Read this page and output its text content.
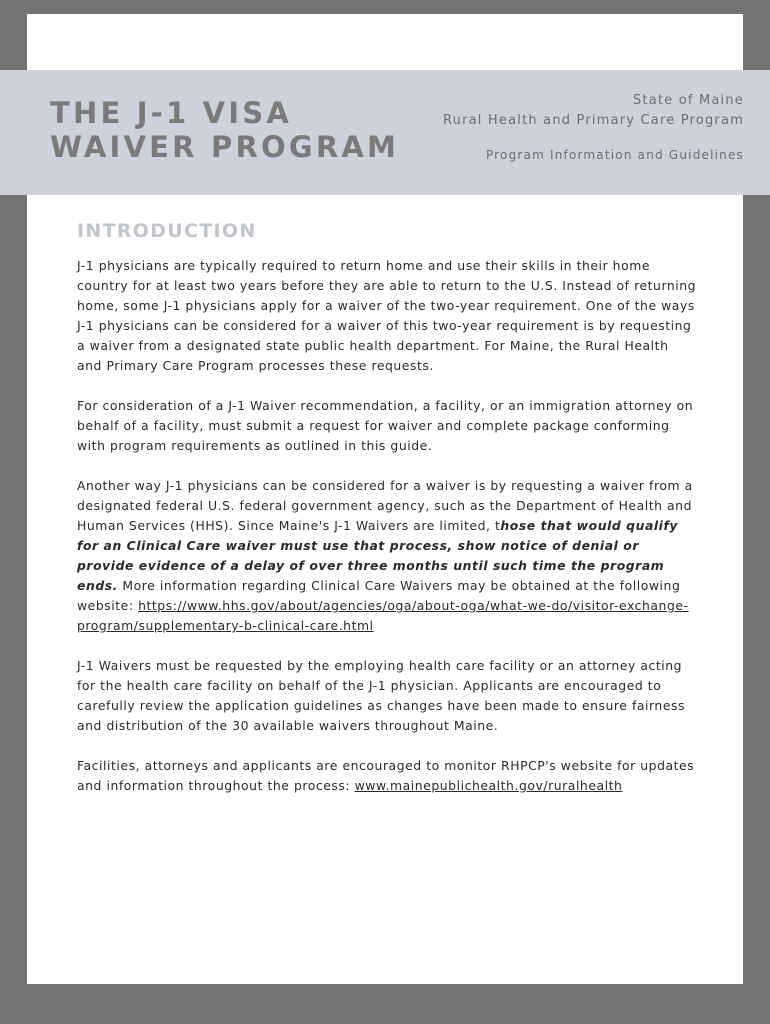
THE J-1 VISA
WAIVER PROGRAM
State of Maine
Rural Health and Primary Care Program
Program Information and Guidelines
INTRODUCTION

J-1 physicians are typically required to return home and use their skills in their home country for at least two years before they are able to return to the U.S. Instead of returning home, some J-1 physicians apply for a waiver of the two-year requirement. One of the ways J-1 physicians can be considered for a waiver of this two-year requirement is by requesting a waiver from a designated state public health department. For Maine, the Rural Health and Primary Care Program processes these requests.

For consideration of a J-1 Waiver recommendation, a facility, or an immigration attorney on behalf of a facility, must submit a request for waiver and complete package conforming with program requirements as outlined in this guide.

Another way J-1 physicians can be considered for a waiver is by requesting a waiver from a designated federal U.S. federal government agency, such as the Department of Health and Human Services (HHS). Since Maine's J-1 Waivers are limited, those that would qualify for an Clinical Care waiver must use that process, show notice of denial or provide evidence of a delay of over three months until such time the program ends. More information regarding Clinical Care Waivers may be obtained at the following website: https://www.hhs.gov/about/agencies/oga/about-oga/what-we-do/visitor-exchange-program/supplementary-b-clinical-care.html

J-1 Waivers must be requested by the employing health care facility or an attorney acting for the health care facility on behalf of the J-1 physician. Applicants are encouraged to carefully review the application guidelines as changes have been made to ensure fairness and distribution of the 30 available waivers throughout Maine.

Facilities, attorneys and applicants are encouraged to monitor RHPCP's website for updates and information throughout the process: www.mainepublichealth.gov/ruralhealth
